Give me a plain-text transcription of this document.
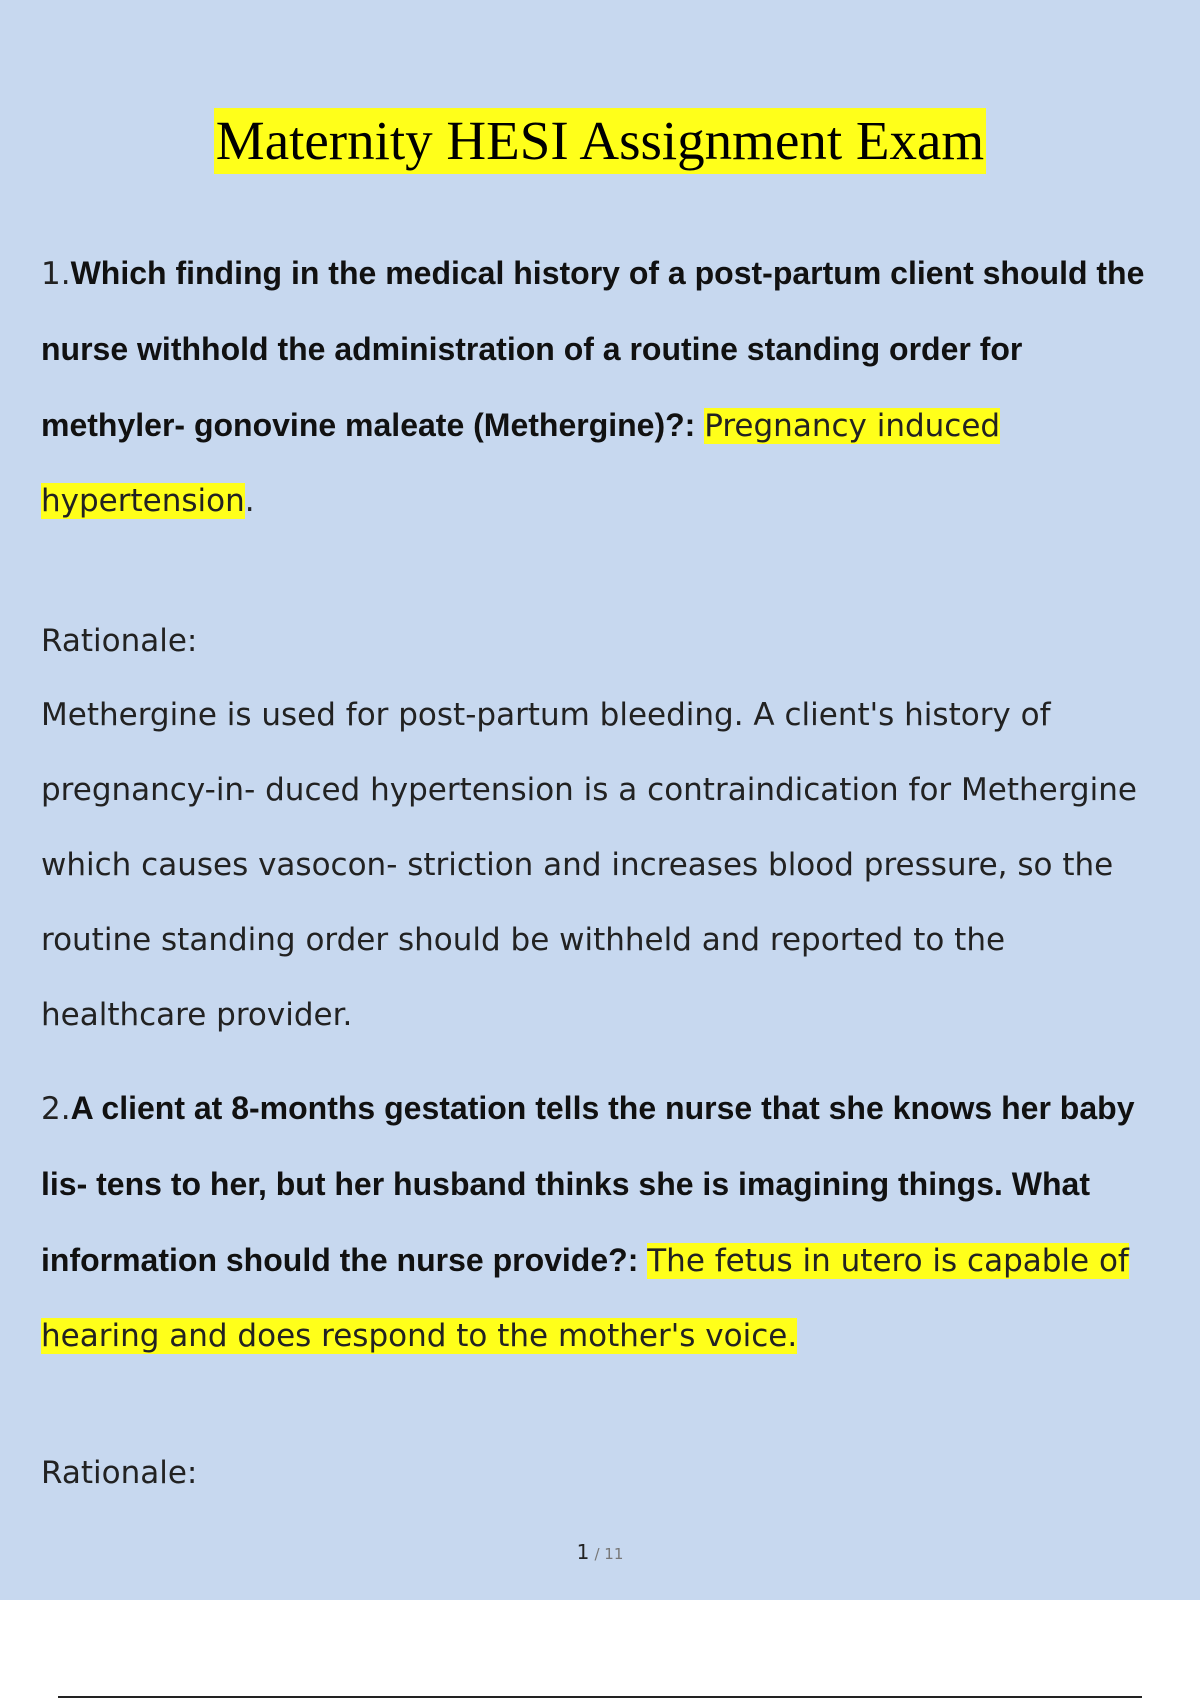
Maternity HESI Assignment Exam
1.Which finding in the medical history of a post-partum client should the nurse withhold the administration of a routine standing order for methyler- gonovine maleate (Methergine)?: Pregnancy induced hypertension.
Rationale:
Methergine is used for post-partum bleeding. A client's history of pregnancy-in- duced hypertension is a contraindication for Methergine which causes vasocon- striction and increases blood pressure, so the routine standing order should be withheld and reported to the healthcare provider.
2.A client at 8-months gestation tells the nurse that she knows her baby lis- tens to her, but her husband thinks she is imagining things. What information should the nurse provide?: The fetus in utero is capable of hearing and does respond to the mother's voice.
Rationale:
1 / 11
